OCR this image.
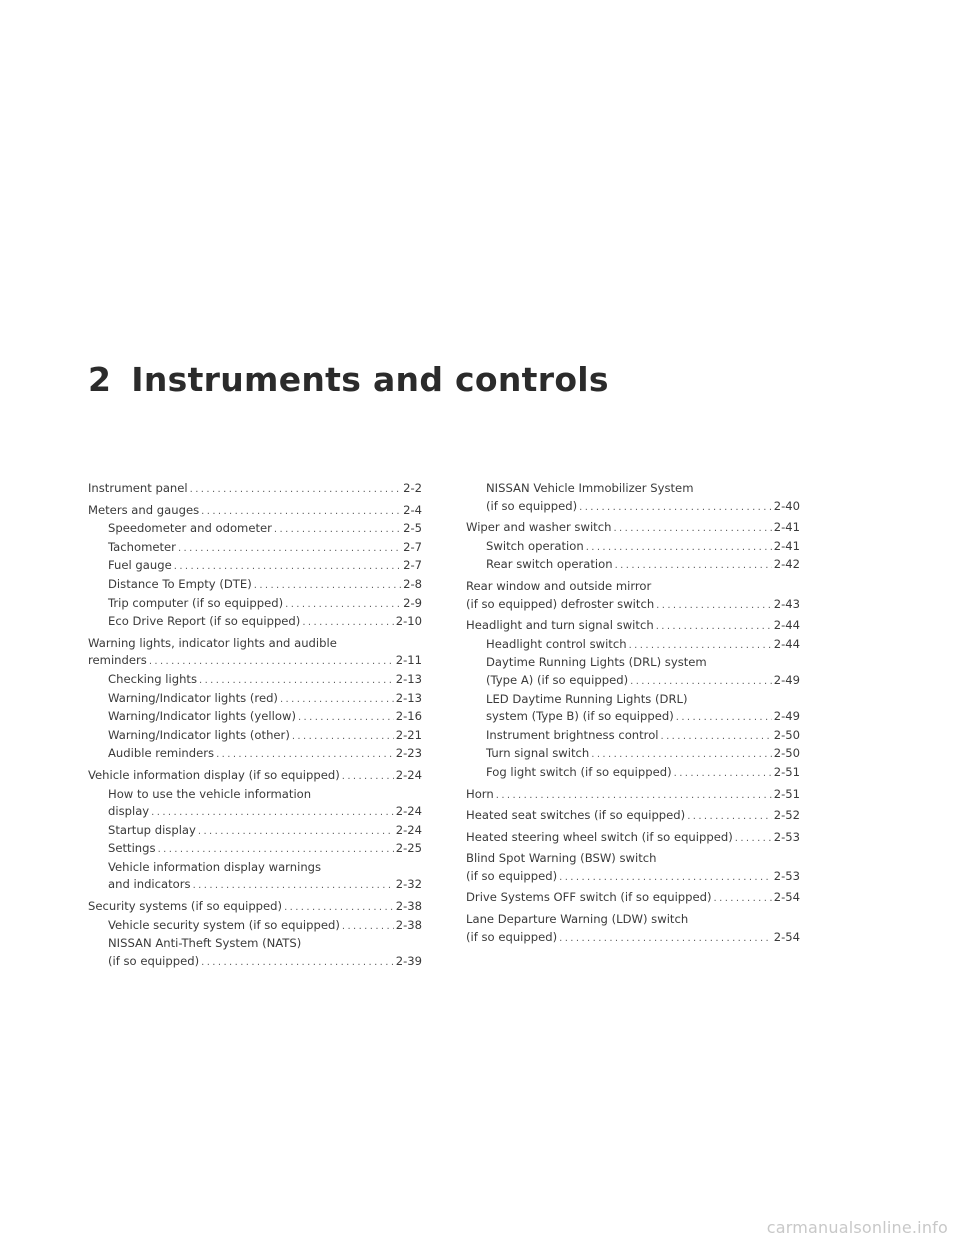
2 Instruments and controls
Instrument panel .....	2-2
Meters and gauges .....	2-4
Speedometer and odometer .....	2-5
Tachometer .....	2-7
Fuel gauge .....	2-7
Distance To Empty (DTE) .....	2-8
Trip computer (if so equipped) .....	2-9
Eco Drive Report (if so equipped) .....	2-10
Warning lights, indicator lights and audible
reminders .....	2-11
Checking lights .....	2-13
Warning/Indicator lights (red) .....	2-13
Warning/Indicator lights (yellow) .....	2-16
Warning/Indicator lights (other) .....	2-21
Audible reminders .....	2-23
Vehicle information display (if so equipped) .....	2-24
How to use the vehicle information
display .....	2-24
Startup display .....	2-24
Settings .....	2-25
Vehicle information display warnings
and indicators .....	2-32
Security systems (if so equipped) .....	2-38
Vehicle security system (if so equipped) .....	2-38
NISSAN Anti-Theft System (NATS)
(if so equipped) .....	2-39
NISSAN Vehicle Immobilizer System
(if so equipped) .....	2-40
Wiper and washer switch .....	2-41
Switch operation .....	2-41
Rear switch operation .....	2-42
Rear window and outside mirror
(if so equipped) defroster switch .....	2-43
Headlight and turn signal switch .....	2-44
Headlight control switch .....	2-44
Daytime Running Lights (DRL) system
(Type A) (if so equipped) .....	2-49
LED Daytime Running Lights (DRL)
system (Type B) (if so equipped) .....	2-49
Instrument brightness control .....	2-50
Turn signal switch .....	2-50
Fog light switch (if so equipped) .....	2-51
Horn .....	2-51
Heated seat switches (if so equipped) .....	2-52
Heated steering wheel switch (if so equipped) .....	2-53
Blind Spot Warning (BSW) switch
(if so equipped) .....	2-53
Drive Systems OFF switch (if so equipped) .....	2-54
Lane Departure Warning (LDW) switch
(if so equipped) .....	2-54
carmanualsonline.info
